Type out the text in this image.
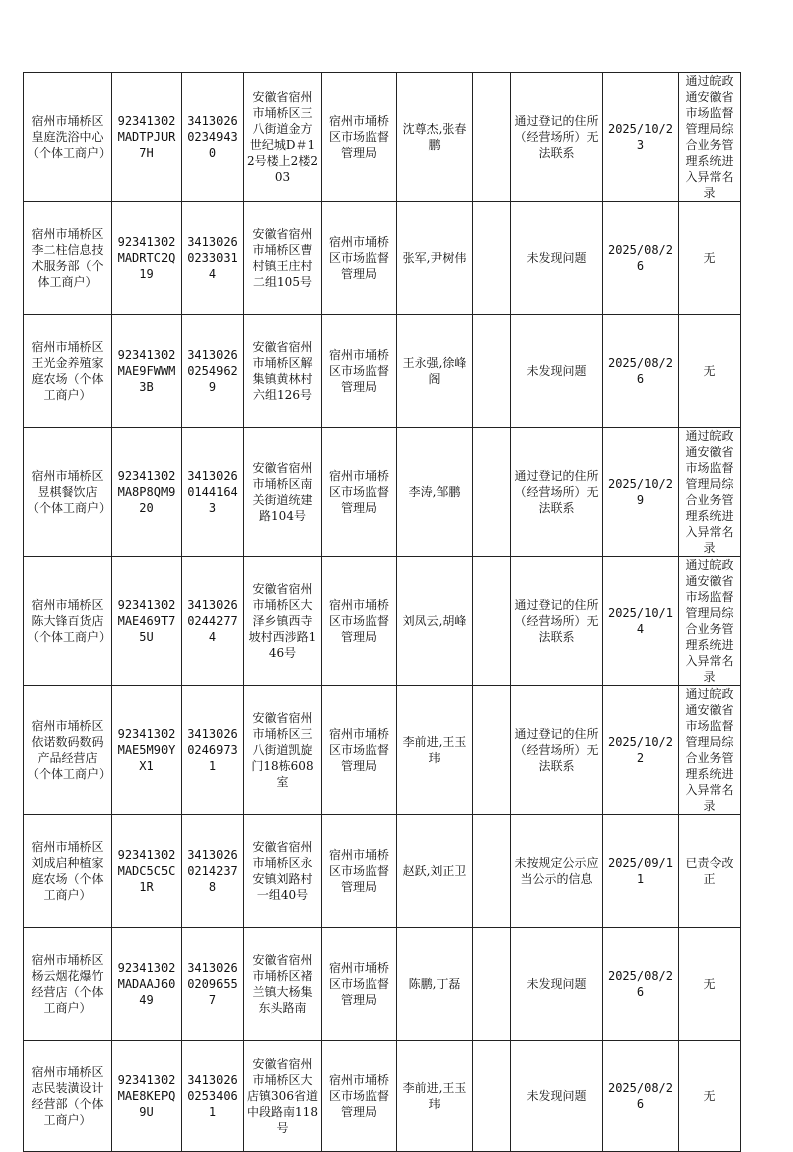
宿州市埇桥区皇庭洗浴中心（个体工商户）	92341302MADTPJUR7H	341302602349430	安徽省宿州市埇桥区三八街道金方世纪城D＃12号楼上2楼203	宿州市埇桥区市场监督管理局	沈尊杰,张春鹏		通过登记的住所（经营场所）无法联系	2025/10/23	通过皖政通安徽省市场监督管理局综合业务管理系统进入异常名录
宿州市埇桥区李二柱信息技术服务部（个体工商户）	92341302MADRTC2Q19	341302602330314	安徽省宿州市埇桥区曹村镇王庄村二组105号	宿州市埇桥区市场监督管理局	张军,尹树伟		未发现问题	2025/08/26	无
宿州市埇桥区王光金养殖家庭农场（个体工商户）	92341302MAE9FWWM3B	341302602549629	安徽省宿州市埇桥区解集镇黄林村六组126号	宿州市埇桥区市场监督管理局	王永强,徐峰阁		未发现问题	2025/08/26	无
宿州市埇桥区昱棋餐饮店（个体工商户）	92341302MA8P8QM920	341302601441643	安徽省宿州市埇桥区南关街道统建路104号	宿州市埇桥区市场监督管理局	李涛,邹鹏		通过登记的住所（经营场所）无法联系	2025/10/29	通过皖政通安徽省市场监督管理局综合业务管理系统进入异常名录
宿州市埇桥区陈大锋百货店（个体工商户）	92341302MAE469T75U	341302602442774	安徽省宿州市埇桥区大泽乡镇西寺坡村西涉路146号	宿州市埇桥区市场监督管理局	刘凤云,胡峰		通过登记的住所（经营场所）无法联系	2025/10/14	通过皖政通安徽省市场监督管理局综合业务管理系统进入异常名录
宿州市埇桥区依诺数码数码产品经营店（个体工商户）	92341302MAE5M90YX1	341302602469731	安徽省宿州市埇桥区三八街道凯旋门18栋608室	宿州市埇桥区市场监督管理局	李前进,王玉玮		通过登记的住所（经营场所）无法联系	2025/10/22	通过皖政通安徽省市场监督管理局综合业务管理系统进入异常名录
宿州市埇桥区刘成启种植家庭农场（个体工商户）	92341302MADC5C5C1R	341302602142378	安徽省宿州市埇桥区永安镇刘路村一组40号	宿州市埇桥区市场监督管理局	赵跃,刘正卫		未按规定公示应当公示的信息	2025/09/11	已责令改正
宿州市埇桥区杨云烟花爆竹经营店（个体工商户）	92341302MADAAJ6049	341302602096557	安徽省宿州市埇桥区褚兰镇大杨集东头路南	宿州市埇桥区市场监督管理局	陈鹏,丁磊		未发现问题	2025/08/26	无
宿州市埇桥区志民装潢设计经营部（个体工商户）	92341302MAE8KEPQ9U	341302602534061	安徽省宿州市埇桥区大店镇306省道中段路南118号	宿州市埇桥区市场监督管理局	李前进,王玉玮		未发现问题	2025/08/26	无
